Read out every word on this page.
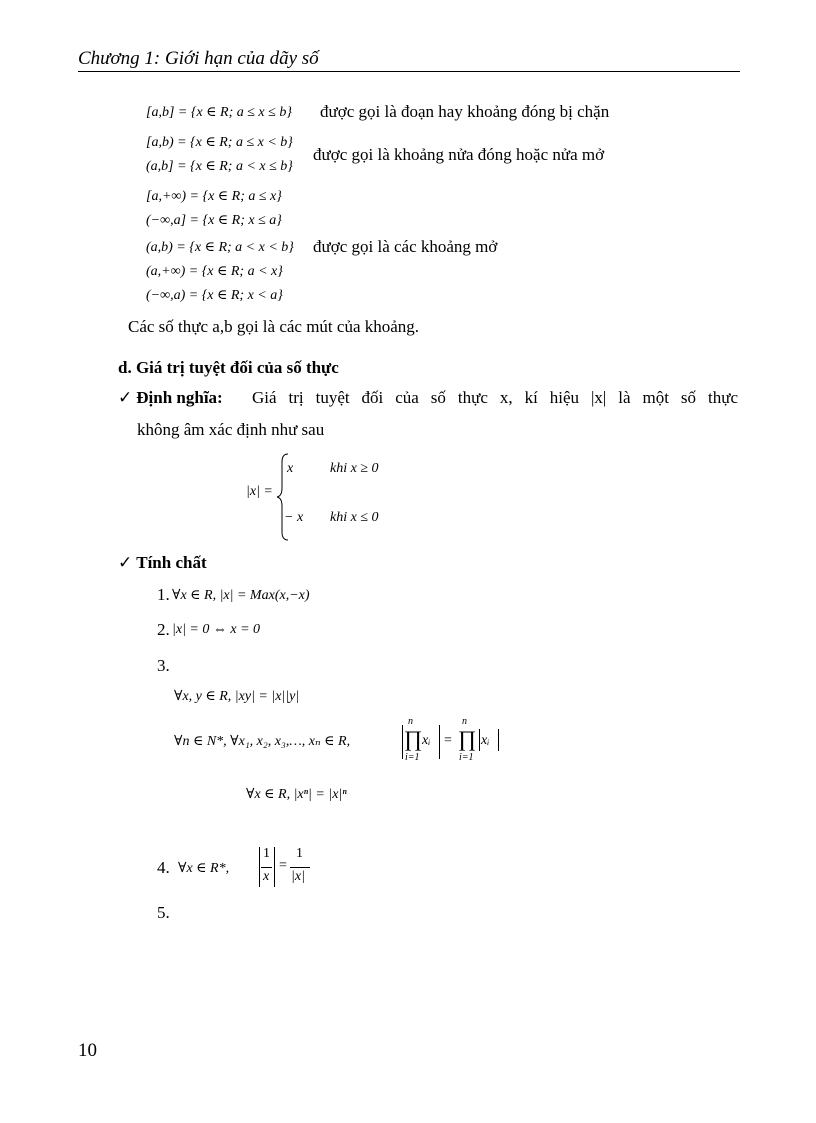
Chương 1: Giới hạn của dãy số
[a,b] = {x ∈ R; a ≤ x ≤ b} được gọi là đoạn hay khoảng đóng bị chặn
[a,b) = {x ∈ R; a ≤ x < b}
(a,b] = {x ∈ R; a < x ≤ b}
được gọi là khoảng nửa đóng hoặc nửa mở
[a,+∞) = {x ∈ R; a ≤ x}
(−∞,a] = {x ∈ R; x ≤ a}
(a,b) = {x ∈ R; a < x < b} được gọi là các khoảng mở
(a,+∞) = {x ∈ R; a < x}
(−∞,a) = {x ∈ R; x < a}
Các số thực a,b gọi là các mút của khoảng.
d. Giá trị tuyệt đối của số thực
✓ Định nghĩa: Giá trị tuyệt đối của số thực x, kí hiệu |x| là một số thực
không âm xác định như sau
|x| =
x	khi x ≥ 0
− x khi x ≤ 0
✓ Tính chất
1. ∀x ∈ R, |x| = Max(x,−x)
2. |x| = 0 ⇔ x = 0
3.
∀x, y ∈ R, |xy| = |x||y|
∀n ∈ N*, ∀x₁, x₂, x₃,…, xₙ ∈ R,
n
∏
i=1
xᵢ =
n
∏
i=1
xᵢ
∀x ∈ R, |xⁿ| = |x|ⁿ
4. ∀x ∈ R*,
1
x
=
1
|x|
5.
10
